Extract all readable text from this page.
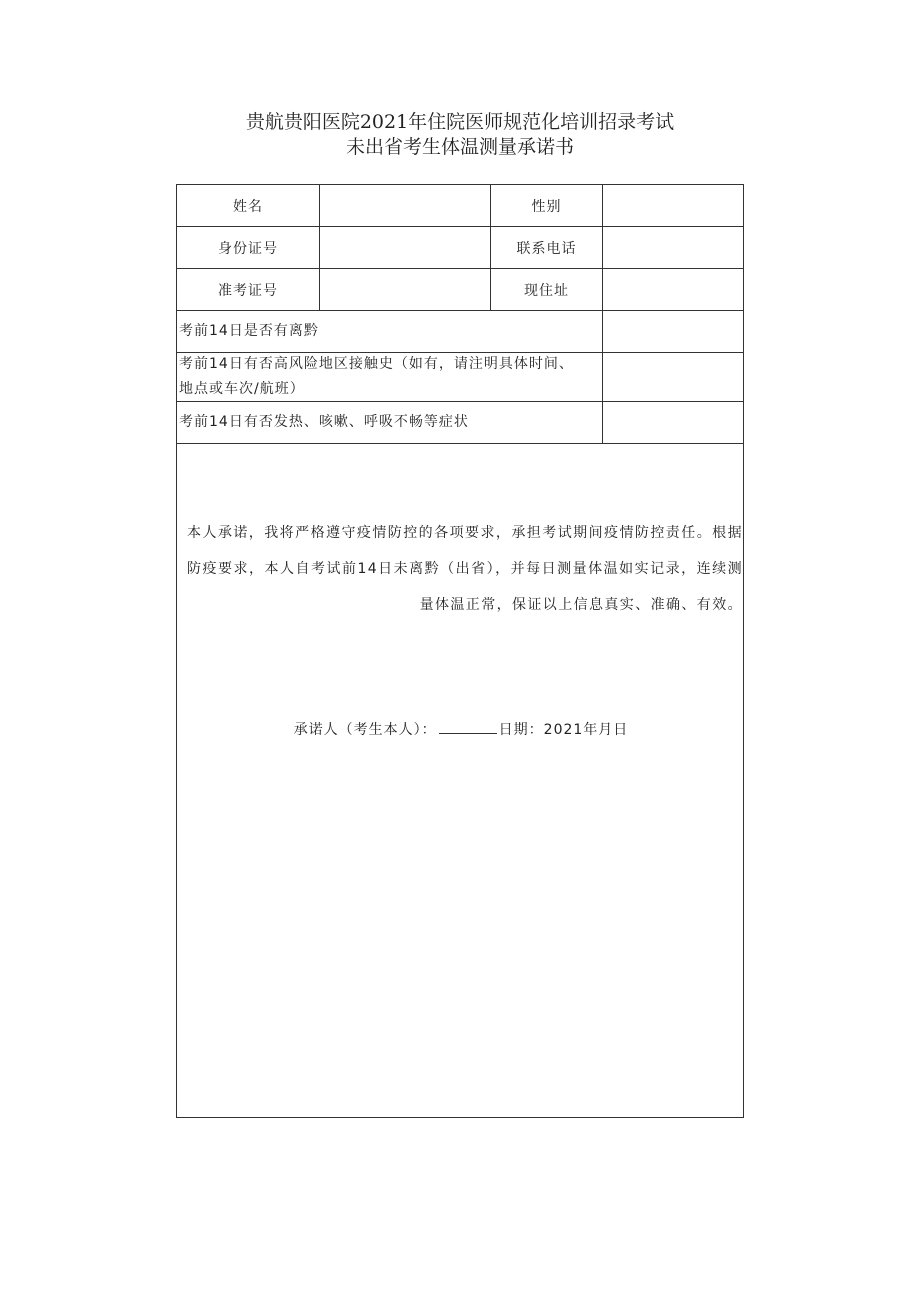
贵航贵阳医院2021年住院医师规范化培训招录考试
未出省考生体温测量承诺书
姓名	性别
身份证号	联系电话
准考证号	现住址
考前14日是否有离黔
考前14日有否高风险地区接触史（如有，请注明具体时间、
地点或车次/航班）
考前14日有否发热、咳嗽、呼吸不畅等症状

本人承诺，我将严格遵守疫情防控的各项要求，承担考试期间疫情防控责任。根据防疫要求，本人自考试前14日未离黔（出省），并每日测量体温如实记录，连续测量体温正常，保证以上信息真实、准确、有效。

承诺人（考生本人）：	日期：2021年月日
